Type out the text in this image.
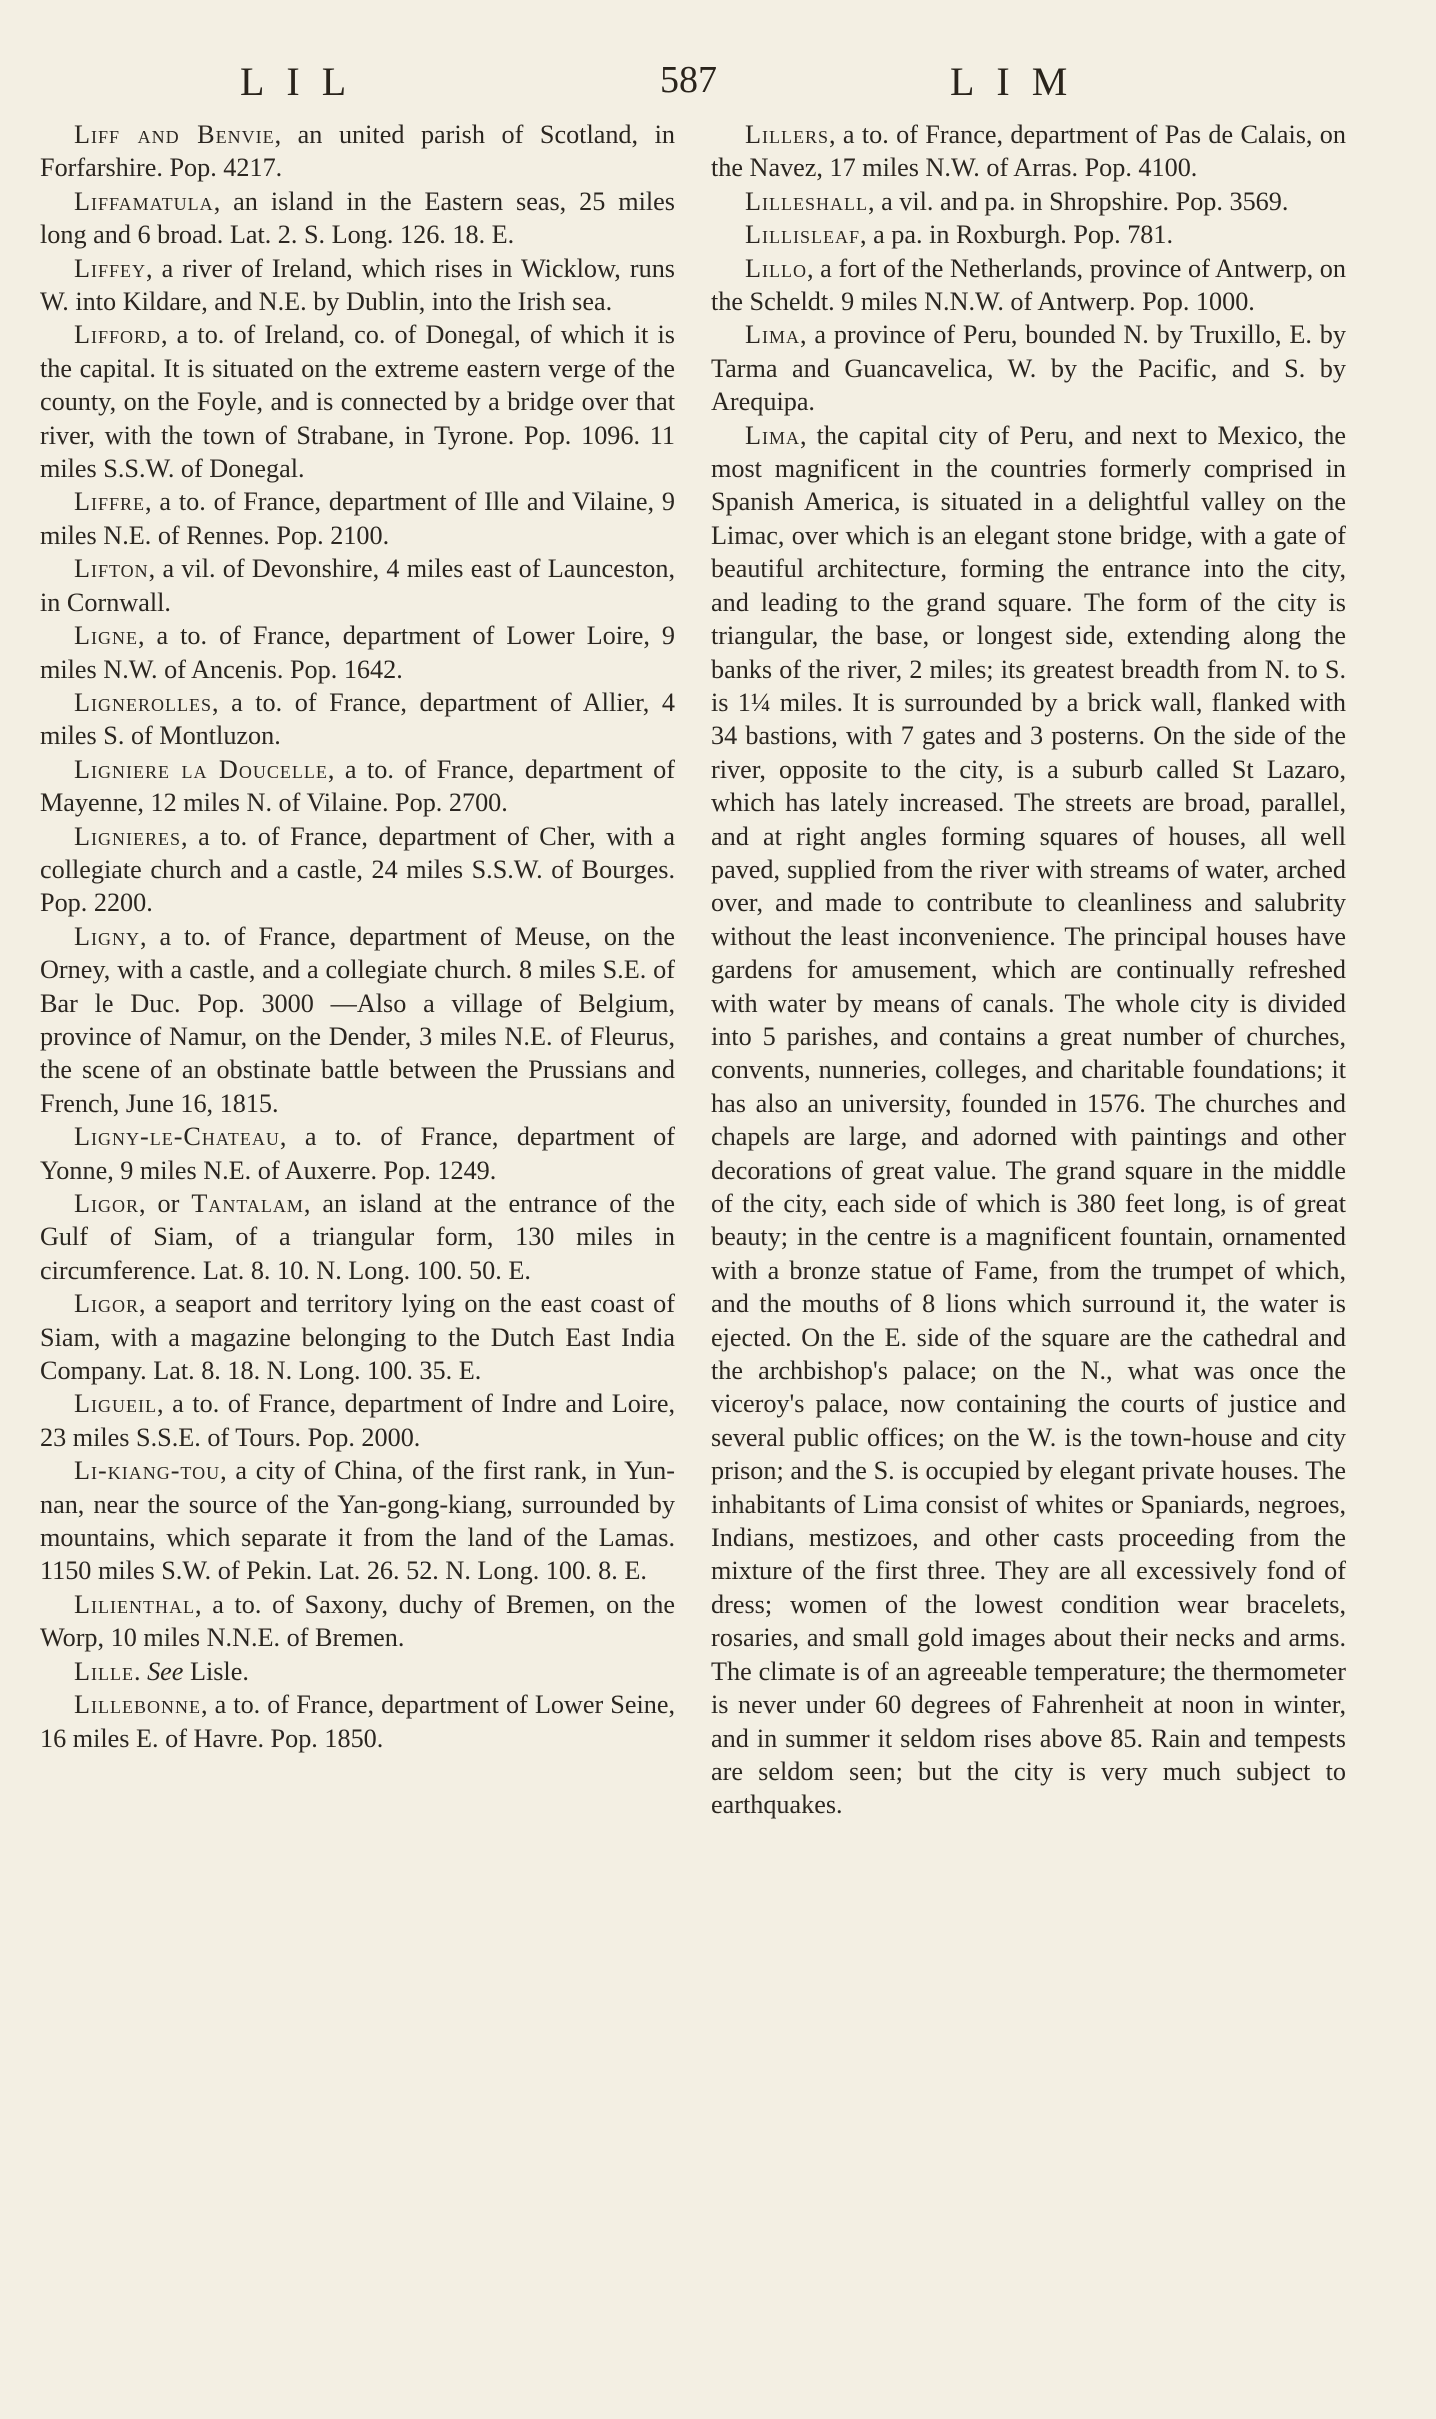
LIL	587	LIM

Liff and Benvie, an united parish of Scotland, in Forfarshire. Pop. 4217.

Liffamatula, an island in the Eastern seas, 25 miles long and 6 broad. Lat. 2. S. Long. 126. 18. E.

Liffey, a river of Ireland, which rises in Wicklow, runs W. into Kildare, and N.E. by Dublin, into the Irish sea.

Lifford, a to. of Ireland, co. of Donegal, of which it is the capital. It is situated on the extreme eastern verge of the county, on the Foyle, and is connected by a bridge over that river, with the town of Strabane, in Tyrone. Pop. 1096. 11 miles S.S.W. of Donegal.

Liffre, a to. of France, department of Ille and Vilaine, 9 miles N.E. of Rennes. Pop. 2100.

Lifton, a vil. of Devonshire, 4 miles east of Launceston, in Cornwall.

Ligne, a to. of France, department of Lower Loire, 9 miles N.W. of Ancenis. Pop. 1642.

Lignerolles, a to. of France, department of Allier, 4 miles S. of Montluzon.

Ligniere la Doucelle, a to. of France, department of Mayenne, 12 miles N. of Vilaine. Pop. 2700.

Lignieres, a to. of France, department of Cher, with a collegiate church and a castle, 24 miles S.S.W. of Bourges. Pop. 2200.

Ligny, a to. of France, department of Meuse, on the Orney, with a castle, and a collegiate church. 8 miles S.E. of Bar le Duc. Pop. 3000 —Also a village of Belgium, province of Namur, on the Dender, 3 miles N.E. of Fleurus, the scene of an obstinate battle between the Prussians and French, June 16, 1815.

Ligny-le-Chateau, a to. of France, department of Yonne, 9 miles N.E. of Auxerre. Pop. 1249.

Ligor, or Tantalam, an island at the entrance of the Gulf of Siam, of a triangular form, 130 miles in circumference. Lat. 8. 10. N. Long. 100. 50. E.

Ligor, a seaport and territory lying on the east coast of Siam, with a magazine belonging to the Dutch East India Company. Lat. 8. 18. N. Long. 100. 35. E.

Ligueil, a to. of France, department of Indre and Loire, 23 miles S.S.E. of Tours. Pop. 2000.

Li-kiang-tou, a city of China, of the first rank, in Yun-nan, near the source of the Yan-gong-kiang, surrounded by mountains, which separate it from the land of the Lamas. 1150 miles S.W. of Pekin. Lat. 26. 52. N. Long. 100. 8. E.

Lilienthal, a to. of Saxony, duchy of Bremen, on the Worp, 10 miles N.N.E. of Bremen.

Lille. See Lisle.

Lillebonne, a to. of France, department of Lower Seine, 16 miles E. of Havre. Pop. 1850.

Lillers, a to. of France, department of Pas de Calais, on the Navez, 17 miles N.W. of Arras. Pop. 4100.

Lilleshall, a vil. and pa. in Shropshire. Pop. 3569.

Lillisleaf, a pa. in Roxburgh. Pop. 781.

Lillo, a fort of the Netherlands, province of Antwerp, on the Scheldt. 9 miles N.N.W. of Antwerp. Pop. 1000.

Lima, a province of Peru, bounded N. by Truxillo, E. by Tarma and Guancavelica, W. by the Pacific, and S. by Arequipa.

Lima, the capital city of Peru, and next to Mexico, the most magnificent in the countries formerly comprised in Spanish America, is situated in a delightful valley on the Limac, over which is an elegant stone bridge, with a gate of beautiful architecture, forming the entrance into the city, and leading to the grand square. The form of the city is triangular, the base, or longest side, extending along the banks of the river, 2 miles; its greatest breadth from N. to S. is 1¼ miles. It is surrounded by a brick wall, flanked with 34 bastions, with 7 gates and 3 posterns. On the side of the river, opposite to the city, is a suburb called St Lazaro, which has lately increased. The streets are broad, parallel, and at right angles forming squares of houses, all well paved, supplied from the river with streams of water, arched over, and made to contribute to cleanliness and salubrity without the least inconvenience. The principal houses have gardens for amusement, which are continually refreshed with water by means of canals. The whole city is divided into 5 parishes, and contains a great number of churches, convents, nunneries, colleges, and charitable foundations; it has also an university, founded in 1576. The churches and chapels are large, and adorned with paintings and other decorations of great value. The grand square in the middle of the city, each side of which is 380 feet long, is of great beauty; in the centre is a magnificent fountain, ornamented with a bronze statue of Fame, from the trumpet of which, and the mouths of 8 lions which surround it, the water is ejected. On the E. side of the square are the cathedral and the archbishop's palace; on the N., what was once the viceroy's palace, now containing the courts of justice and several public offices; on the W. is the town-house and city prison; and the S. is occupied by elegant private houses. The inhabitants of Lima consist of whites or Spaniards, negroes, Indians, mestizoes, and other casts proceeding from the mixture of the first three. They are all excessively fond of dress; women of the lowest condition wear bracelets, rosaries, and small gold images about their necks and arms. The climate is of an agreeable temperature; the thermometer is never under 60 degrees of Fahrenheit at noon in winter, and in summer it seldom rises above 85. Rain and tempests are seldom seen; but the city is very much subject to earthquakes.
